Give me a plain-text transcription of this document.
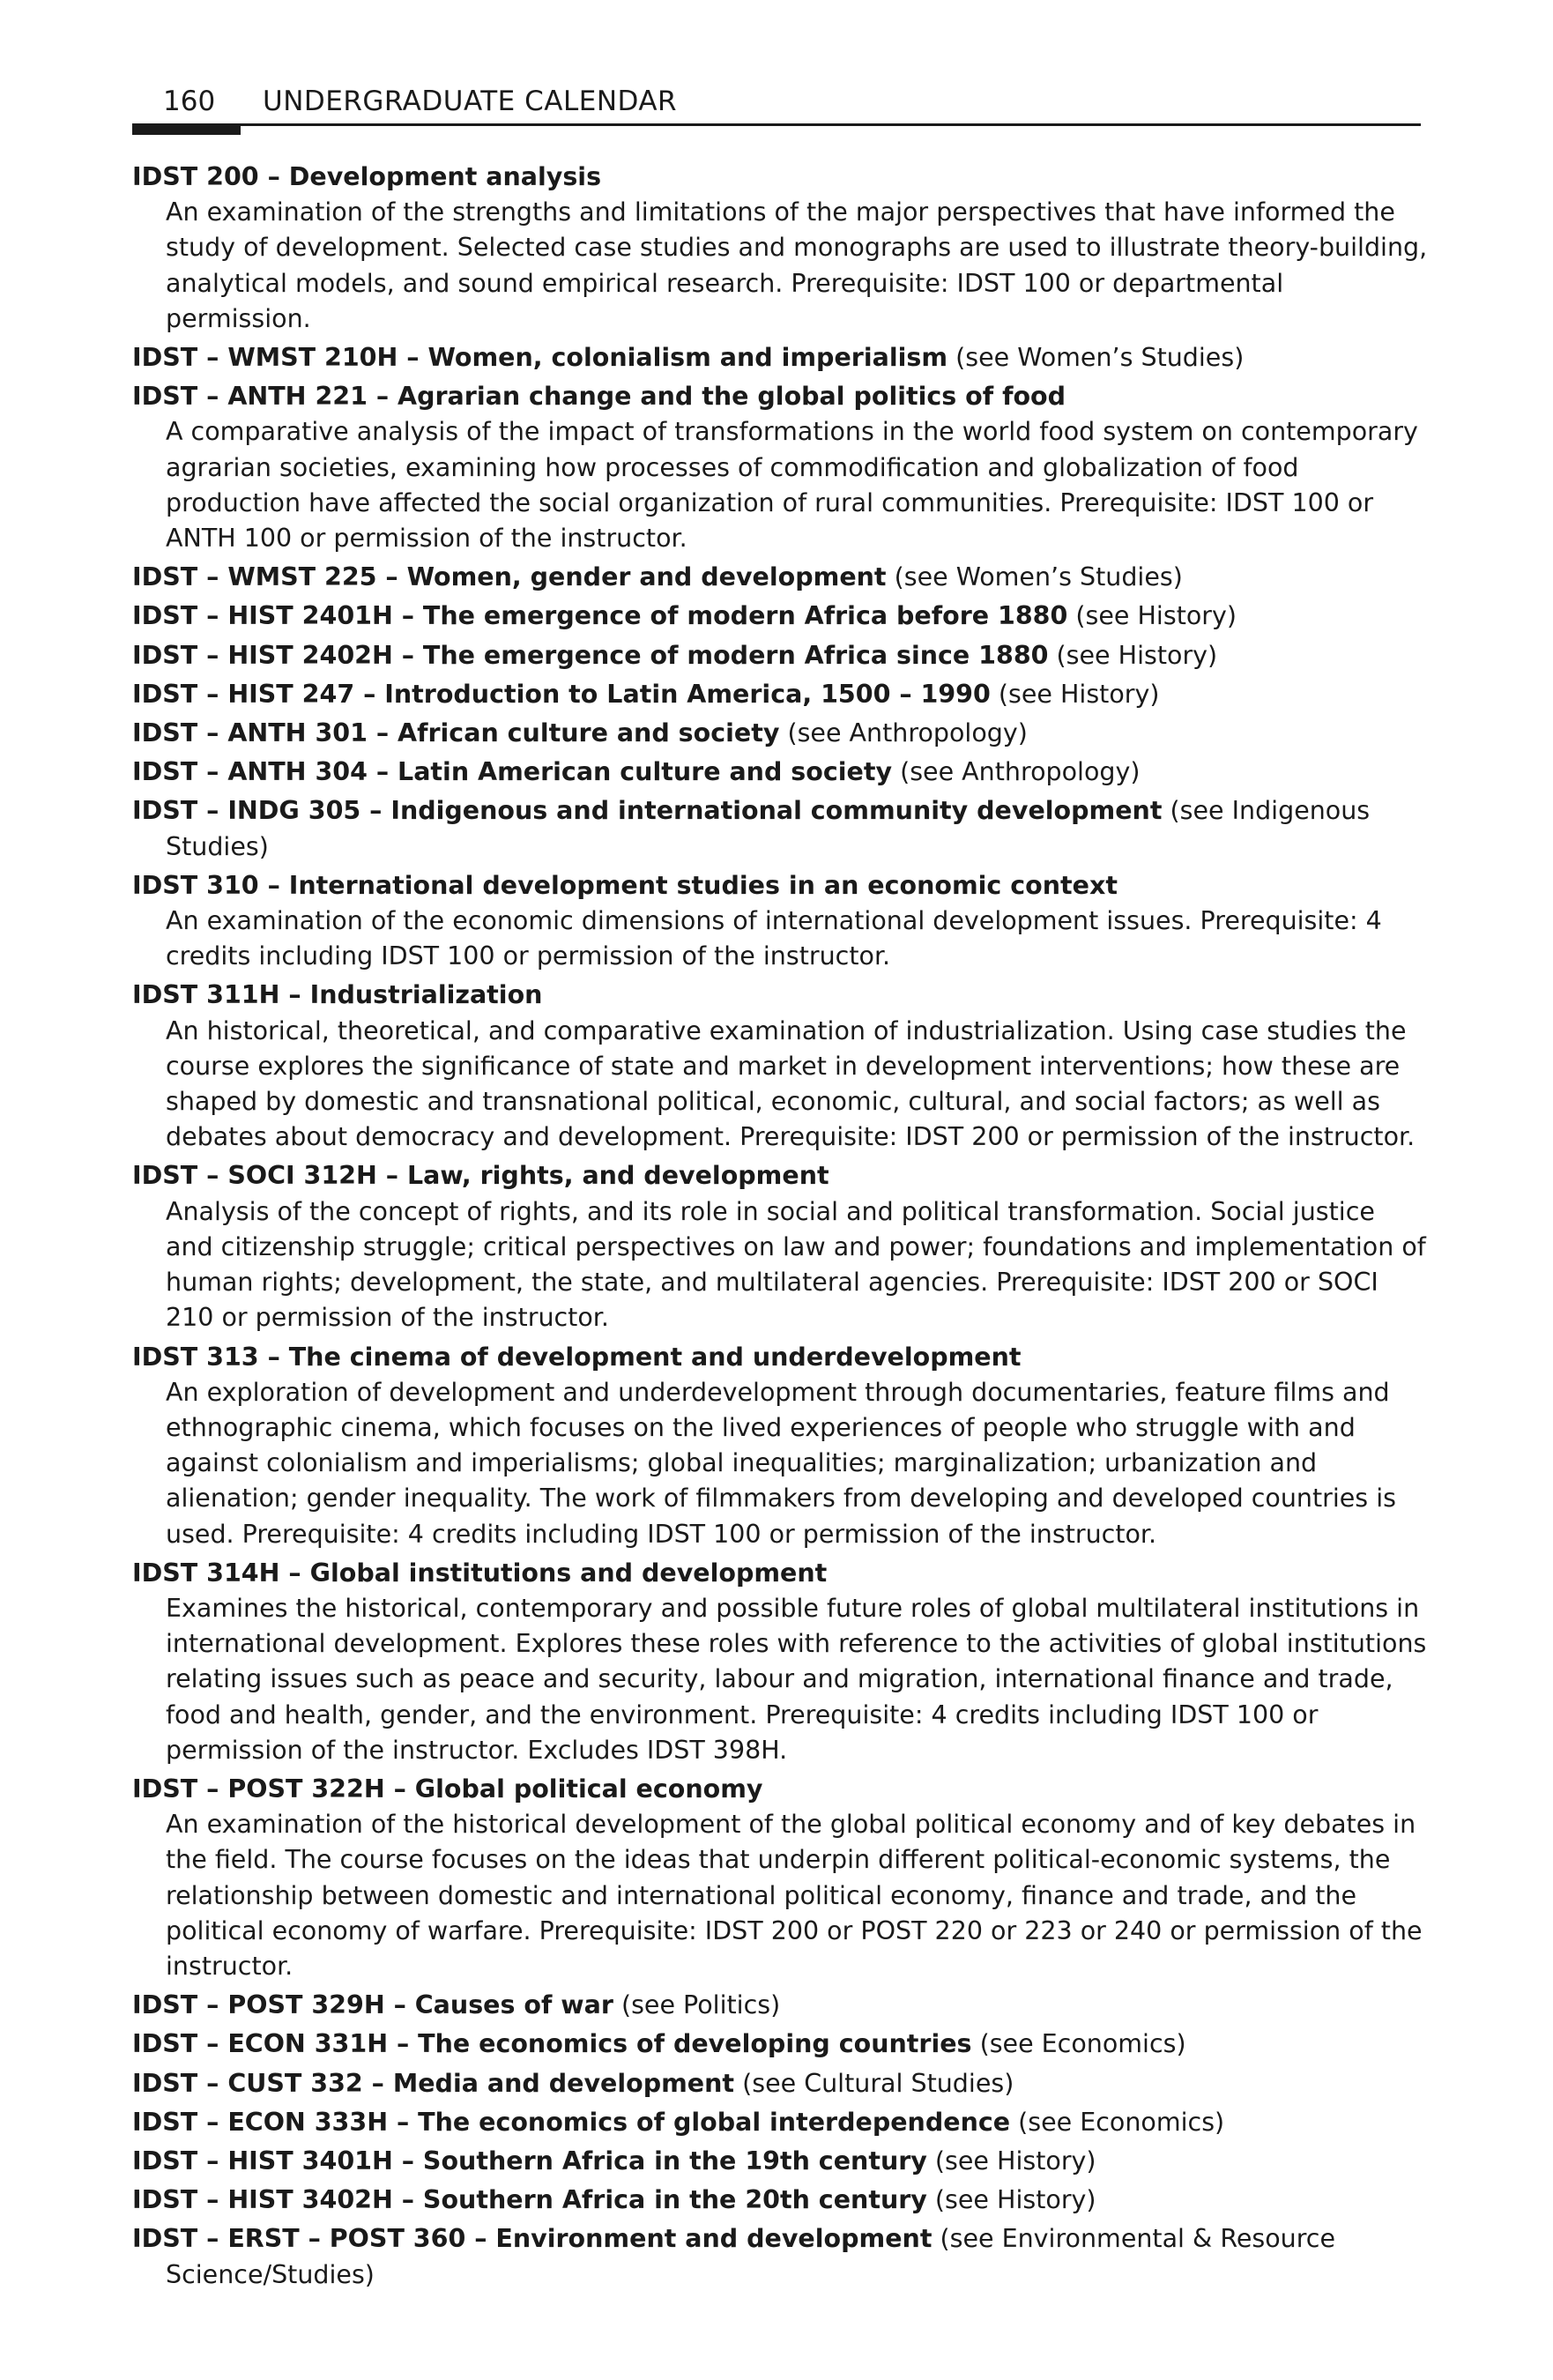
160 UNDERGRADUATE CALENDAR
IDST 200 – Development analysis
An examination of the strengths and limitations of the major perspectives that have informed the study of development. Selected case studies and monographs are used to illustrate theory-building, analytical models, and sound empirical research. Prerequisite: IDST 100 or departmental permission.
IDST – WMST 210H – Women, colonialism and imperialism (see Women’s Studies)
IDST – ANTH 221 – Agrarian change and the global politics of food
A comparative analysis of the impact of transformations in the world food system on contemporary agrarian societies, examining how processes of commodification and globalization of food production have affected the social organization of rural communities. Prerequisite: IDST 100 or ANTH 100 or permission of the instructor.
IDST – WMST 225 – Women, gender and development (see Women’s Studies)
IDST – HIST 2401H – The emergence of modern Africa before 1880 (see History)
IDST – HIST 2402H – The emergence of modern Africa since 1880 (see History)
IDST – HIST 247 – Introduction to Latin America, 1500 – 1990 (see History)
IDST – ANTH 301 – African culture and society (see Anthropology)
IDST – ANTH 304 – Latin American culture and society (see Anthropology)
IDST – INDG 305 – Indigenous and international community development (see Indigenous Studies)
IDST 310 – International development studies in an economic context
An examination of the economic dimensions of international development issues. Prerequisite: 4 credits including IDST 100 or permission of the instructor.
IDST 311H – Industrialization
An historical, theoretical, and comparative examination of industrialization. Using case studies the course explores the significance of state and market in development interventions; how these are shaped by domestic and transnational political, economic, cultural, and social factors; as well as debates about democracy and development. Prerequisite: IDST 200 or permission of the instructor.
IDST – SOCI 312H – Law, rights, and development
Analysis of the concept of rights, and its role in social and political transformation. Social justice and citizenship struggle; critical perspectives on law and power; foundations and implementation of human rights; development, the state, and multilateral agencies. Prerequisite: IDST 200 or SOCI 210 or permission of the instructor.
IDST 313 – The cinema of development and underdevelopment
An exploration of development and underdevelopment through documentaries, feature films and ethnographic cinema, which focuses on the lived experiences of people who struggle with and against colonialism and imperialisms; global inequalities; marginalization; urbanization and alienation; gender inequality. The work of filmmakers from developing and developed countries is used. Prerequisite: 4 credits including IDST 100 or permission of the instructor.
IDST 314H – Global institutions and development
Examines the historical, contemporary and possible future roles of global multilateral institutions in international development. Explores these roles with reference to the activities of global institutions relating issues such as peace and security, labour and migration, international finance and trade, food and health, gender, and the environment. Prerequisite: 4 credits including IDST 100 or permission of the instructor. Excludes IDST 398H.
IDST – POST 322H – Global political economy
An examination of the historical development of the global political economy and of key debates in the field. The course focuses on the ideas that underpin different political-economic systems, the relationship between domestic and international political economy, finance and trade, and the political economy of warfare. Prerequisite: IDST 200 or POST 220 or 223 or 240 or permission of the instructor.
IDST – POST 329H – Causes of war (see Politics)
IDST – ECON 331H – The economics of developing countries (see Economics)
IDST – CUST 332 – Media and development (see Cultural Studies)
IDST – ECON 333H – The economics of global interdependence (see Economics)
IDST – HIST 3401H – Southern Africa in the 19th century (see History)
IDST – HIST 3402H – Southern Africa in the 20th century (see History)
IDST – ERST – POST 360 – Environment and development (see Environmental & Resource Science/Studies)
